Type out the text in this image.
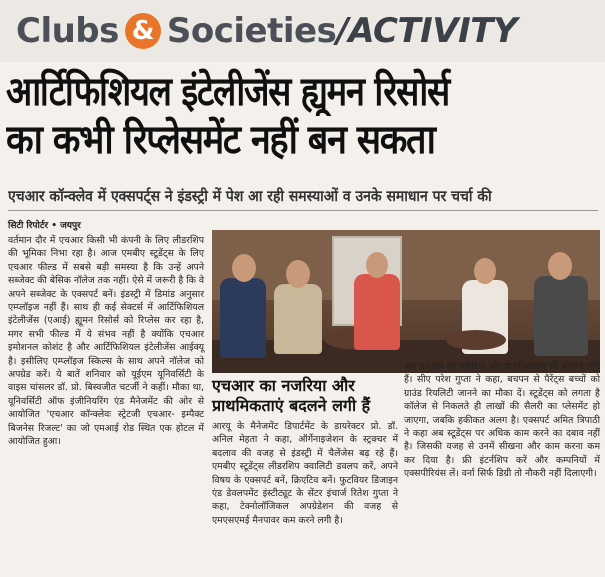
Clubs & Societies / ACTIVITY
आर्टिफिशियल इंटेलीजेंस ह्यूमन रिसोर्स
का कभी रिप्लेसमेंट नहीं बन सकता
एचआर कॉन्क्लेव में एक्सपर्ट्स ने इंडस्ट्री में पेश आ रही समस्याओं व उनके समाधान पर चर्चा की
सिटी रिपोर्टर • जयपुर
वर्तमान दौर में एचआर किसी भी कंपनी के लिए लीडरशिप की भूमिका निभा रहा है। आज एमबीए स्टूडेंट्स के लिए एचआर फील्ड में सबसे बड़ी समस्या है कि उन्हें अपने सब्जेक्ट की बेसिक नॉलेज तक नहीं। ऐसे में जरूरी है कि वे अपने सब्जेक्ट के एक्सपर्ट बनें। इंडस्ट्री में डिमांड अनुसार एम्प्लॉइज नहीं हैं। साथ ही कई सेक्टर्स में आर्टिफिशियल इंटेलीजेंस (एआई) ह्यूमन रिसोर्स को रिप्लेस कर रहा है, मगर सभी फील्ड में ये संभव नहीं है क्योंकि एचआर इमोशनल कोशंट है और आर्टिफिशियल इंटेलीजेंस आईक्यू है। इसीलिए एम्प्लॉइज स्किल्स के साथ अपने नॉलेज को अपग्रेड करें। ये बातें शनिवार को यूईएम यूनिवर्सिटी के वाइस चांसलर डॉ. प्रो. बिस्वजीत चटर्जी ने कहीं। मौका था, यूनिवर्सिटी ऑफ इंजीनियरिंग एंड मैनेजमेंट की ओर से आयोजित 'एचआर कॉन्क्लेवः स्ट्रेटजी एचआर- इम्पैक्ट बिजनेस रिजल्ट' का जो एमआई रोड स्थित एक होटल में आयोजित हुआ।
एचआर का नजरिया और प्राथमिकताएं बदलने लगी हैं
आरयू के मैनेजमेंट डिपार्टमेंट के डायरेक्टर प्रो. डॉ. अनिल मेहता ने कहा, ऑर्गेनाइजेशन के स्ट्रक्चर में बदलाव की वजह से इंडस्ट्री में चैलेंजेस बढ़ रहे हैं। एमबीए स्टूडेंट्स लीडरशिप क्वालिटी डवलप करें, अपने विषय के एक्सपर्ट बनें, क्रिएटिव बनें। फुटवियर डिजाइन एंड डेवलपमेंट इंस्टीट्यूट के सेंटर इंचार्ज रितेश गुप्ता ने कहा, टेक्नोलॉजिकल अपग्रेडेशन की वजह से एमएसएमई मैनपावर कम करने लगी है।
अब एचआर का नजरिया और प्राथमिकताएं भी बदलने लगी हैं। सीए परेश गुप्ता ने कहा, बचपन से पैरेंट्स बच्चों को ग्राउंड रियलिटी जानने का मौका दें। स्टूडेंट्स को लगता है कॉलेज से निकलते ही लाखों की सैलरी का प्लेसमेंट हो जाएगा, जबकि हकीकत अलग है। एक्सपर्ट अमित त्रिपाठी ने कहा अब स्टूडेंट्स पर अधिक काम करने का दबाव नहीं है। जिसकी वजह से उनमें सीखना और काम करना कम कर दिया है। फ्री इंटर्नशिप करें और कम्पनियों में एक्सपीरियंस लें। वर्ना सिर्फ डिग्री तो नौकरी नहीं दिलाएगी।
